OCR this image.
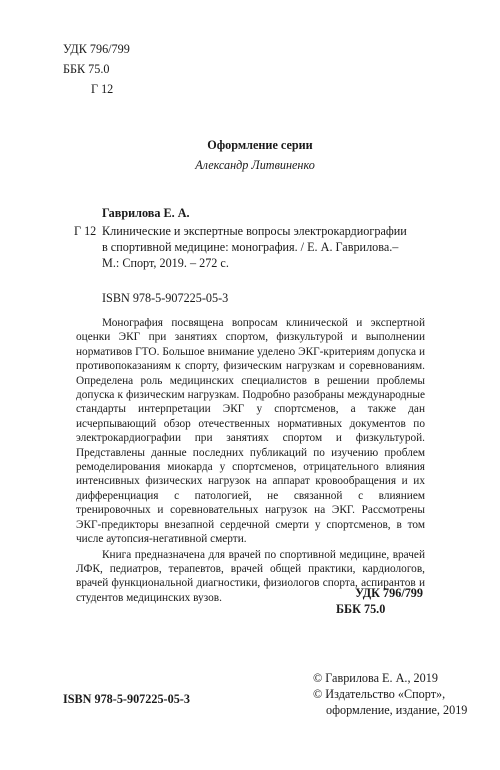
УДК 796/799
ББК 75.0
Г 12
Оформление серии
Александр Литвиненко
Гаврилова Е. А.
Г 12 Клинические и экспертные вопросы электрокардиографии
в спортивной медицине: монография. / Е. А. Гаврилова.–
М.: Спорт, 2019. – 272 с.
ISBN 978-5-907225-05-3

Монография посвящена вопросам клинической и экспертной оценки ЭКГ при занятиях спортом, физкультурой и выполнении нормативов ГТО. Большое внимание уделено ЭКГ-критериям допуска и противопоказаниям к спорту, физическим нагрузкам и соревнованиям. Определена роль медицинских специалистов в решении проблемы допуска к физическим нагрузкам. Подробно разобраны международные стандарты интерпретации ЭКГ у спортсменов, а также дан исчерпывающий обзор отечественных нормативных документов по электрокардиографии при занятиях спортом и физкультурой. Представлены данные последних публикаций по изучению проблем ремоделирования миокарда у спортсменов, отрицательного влияния интенсивных физических нагрузок на аппарат кровообращения и их дифференциация с патологией, не связанной с влиянием тренировочных и соревновательных нагрузок на ЭКГ. Рассмотрены ЭКГ-предикторы внезапной сердечной смерти у спортсменов, в том числе аутопсия-негативной смерти.

Книга предназначена для врачей по спортивной медицине, врачей ЛФК, педиатров, терапевтов, врачей общей практики, кардиологов, врачей функциональной диагностики, физиологов спорта, аспирантов и студентов медицинских вузов.	УДК 796/799
ББК 75.0
ISBN 978-5-907225-05-3
© Гаврилова Е. А., 2019
© Издательство «Спорт»,
оформление, издание, 2019
